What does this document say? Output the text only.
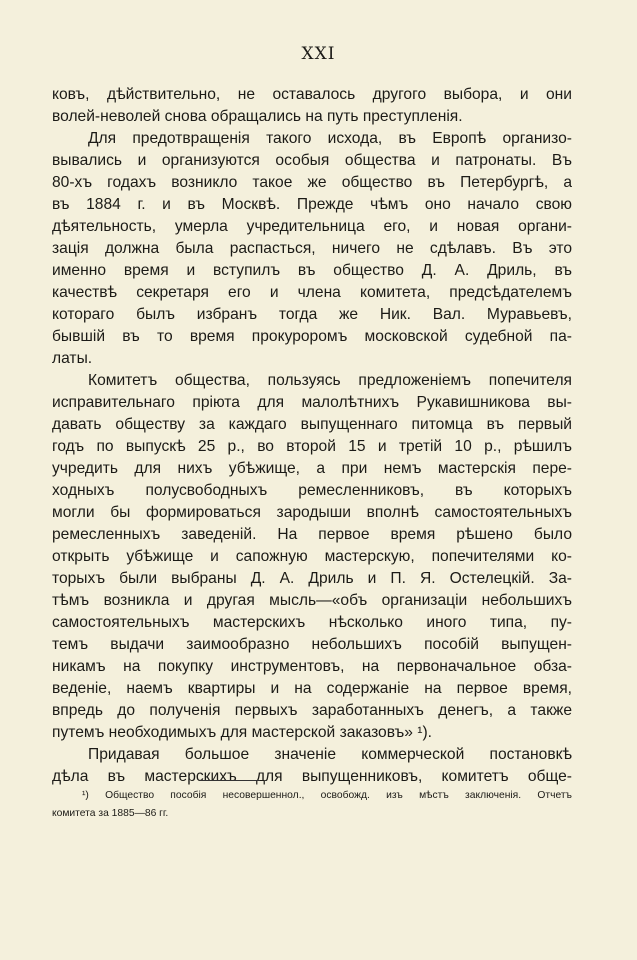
XXI
ковъ, дѣйствительно, не оставалось другого выбора, и они
волей-неволей снова обращались на путь преступленія.
Для предотвращенія такого исхода, въ Европѣ организо-
вывались и организуются особыя общества и патронаты. Въ
80-хъ годахъ возникло такое же общество въ Петербургѣ, а
въ 1884 г. и въ Москвѣ. Прежде чѣмъ оно начало свою
дѣятельность, умерла учредительница его, и новая органи-
зація должна была распасться, ничего не сдѣлавъ. Въ это
именно время и вступилъ въ общество Д. А. Дриль, въ
качествѣ секретаря его и члена комитета, предсѣдателемъ
котораго былъ избранъ тогда же Ник. Вал. Муравьевъ,
бывшій въ то время прокуроромъ московской судебной па-
латы.
Комитетъ общества, пользуясь предложеніемъ попечителя
исправительнаго пріюта для малолѣтнихъ Рукавишникова вы-
давать обществу за каждаго выпущеннаго питомца въ первый
годъ по выпускѣ 25 р., во второй 15 и третій 10 р., рѣшилъ
учредить для нихъ убѣжище, а при немъ мастерскія пере-
ходныхъ полусвободныхъ ремесленниковъ, въ которыхъ
могли бы формироваться зародыши вполнѣ самостоятельныхъ
ремесленныхъ заведеній. На первое время рѣшено было
открыть убѣжище и сапожную мастерскую, попечителями ко-
торыхъ были выбраны Д. А. Дриль и П. Я. Остелецкій. За-
тѣмъ возникла и другая мысль—«объ организаціи небольшихъ
самостоятельныхъ мастерскихъ нѣсколько иного типа, пу-
темъ выдачи заимообразно небольшихъ пособій выпущен-
никамъ на покупку инструментовъ, на первоначальное обза-
веденіе, наемъ квартиры и на содержаніе на первое время,
впредь до полученія первыхъ заработанныхъ денегъ, а также
путемъ необходимыхъ для мастерской заказовъ» ¹).
Придавая большое значеніе коммерческой постановкѣ
дѣла въ мастерскихъ для выпущенниковъ, комитетъ обще-
¹) Общество пособія несовершеннол., освобожд. изъ мѣстъ заключенія. Отчетъ
комитета за 1885—86 гг.
